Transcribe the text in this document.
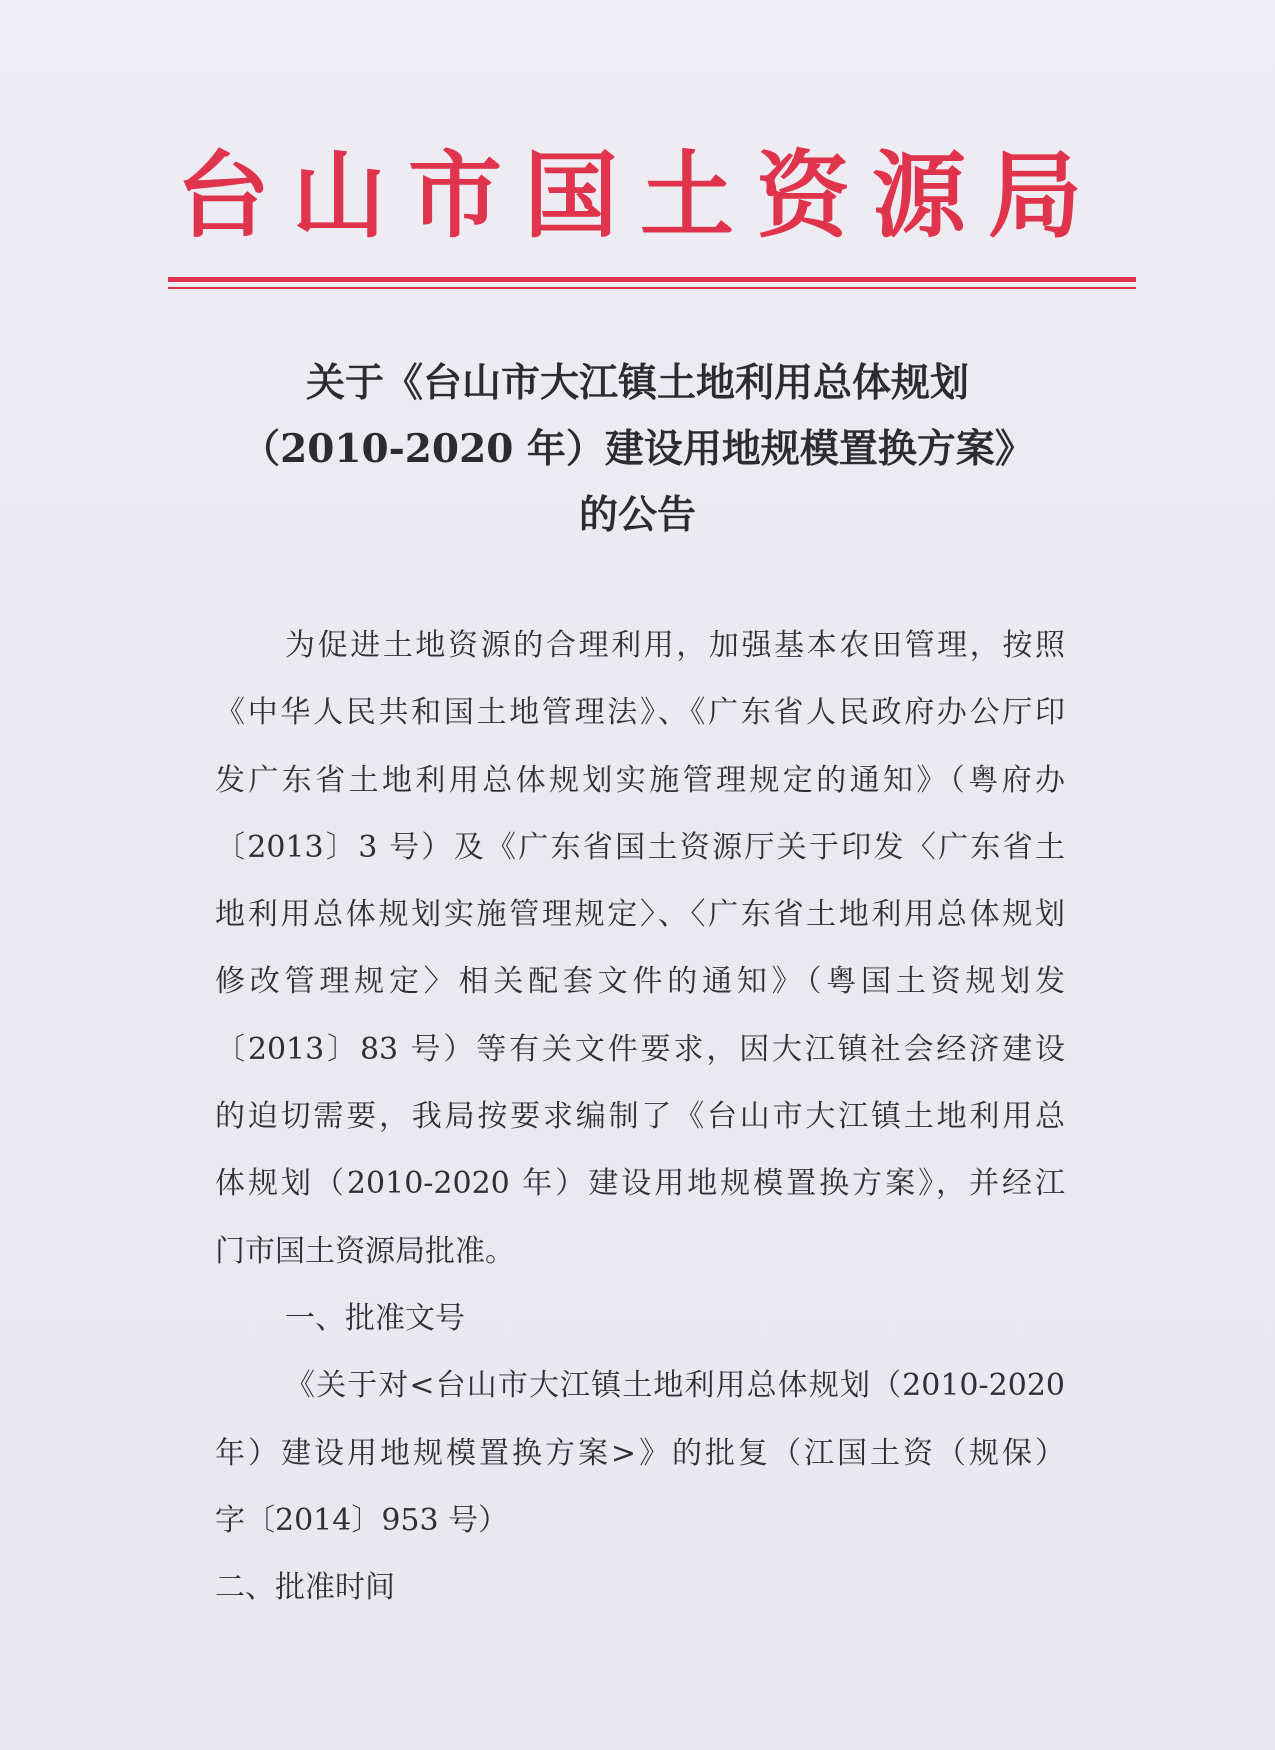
台山市国土资源局
关于《台山市大江镇土地利用总体规划
（2010-2020 年）建设用地规模置换方案》
的公告
为促进土地资源的合理利用，加强基本农田管理，按照
《中华人民共和国土地管理法》、《广东省人民政府办公厅印
发广东省土地利用总体规划实施管理规定的通知》（粤府办
〔2013〕3 号）及《广东省国土资源厅关于印发〈广东省土
地利用总体规划实施管理规定〉、〈广东省土地利用总体规划
修改管理规定〉相关配套文件的通知》（粤国土资规划发
〔2013〕83 号）等有关文件要求，因大江镇社会经济建设
的迫切需要，我局按要求编制了《台山市大江镇土地利用总
体规划（2010-2020 年）建设用地规模置换方案》，并经江
门市国土资源局批准。
一、批准文号
《关于对<台山市大江镇土地利用总体规划（2010-2020
年）建设用地规模置换方案>》的批复（江国土资（规保）
字〔2014〕953 号）
二、批准时间
